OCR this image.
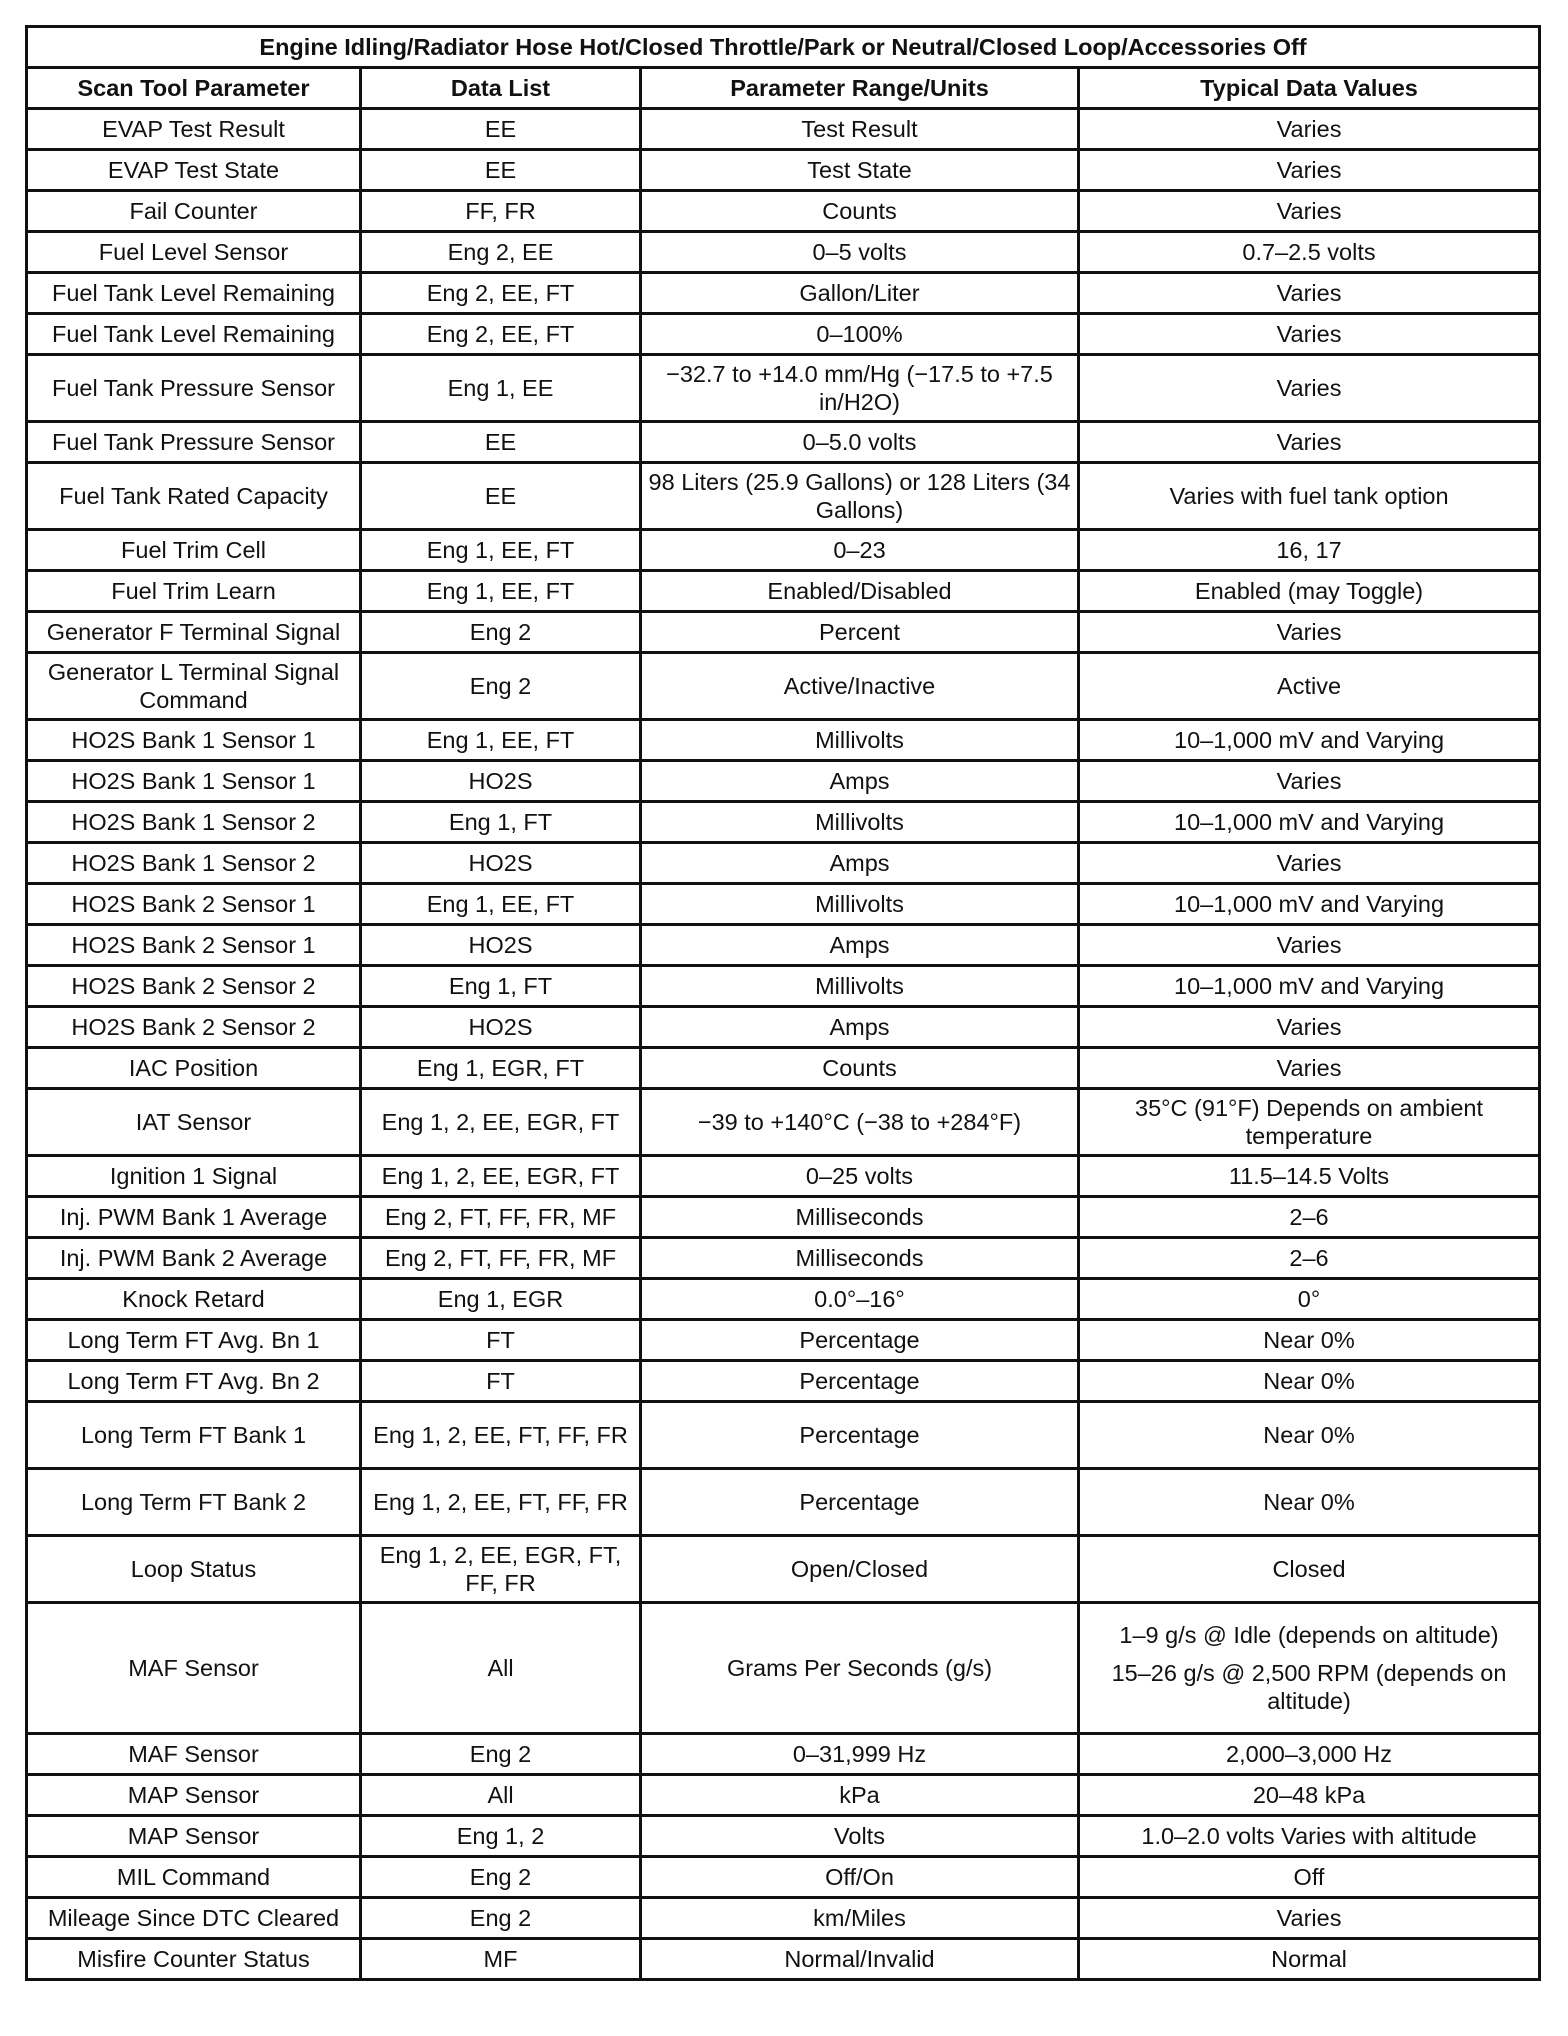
Engine Idling/Radiator Hose Hot/Closed Throttle/Park or Neutral/Closed Loop/Accessories Off			
Scan Tool Parameter	Data List	Parameter Range/Units	Typical Data Values
EVAP Test Result	EE	Test Result	Varies
EVAP Test State	EE	Test State	Varies
Fail Counter	FF, FR	Counts	Varies
Fuel Level Sensor	Eng 2, EE	0–5 volts	0.7–2.5 volts
Fuel Tank Level Remaining	Eng 2, EE, FT	Gallon/Liter	Varies
Fuel Tank Level Remaining	Eng 2, EE, FT	0–100%	Varies
Fuel Tank Pressure Sensor	Eng 1, EE	−32.7 to +14.0 mm/Hg (−17.5 to +7.5 in/H2O)	Varies
Fuel Tank Pressure Sensor	EE	0–5.0 volts	Varies
Fuel Tank Rated Capacity	EE	98 Liters (25.9 Gallons) or 128 Liters (34 Gallons)	Varies with fuel tank option
Fuel Trim Cell	Eng 1, EE, FT	0–23	16, 17
Fuel Trim Learn	Eng 1, EE, FT	Enabled/Disabled	Enabled (may Toggle)
Generator F Terminal Signal	Eng 2	Percent	Varies
Generator L Terminal Signal Command	Eng 2	Active/Inactive	Active
HO2S Bank 1 Sensor 1	Eng 1, EE, FT	Millivolts	10–1,000 mV and Varying
HO2S Bank 1 Sensor 1	HO2S	Amps	Varies
HO2S Bank 1 Sensor 2	Eng 1, FT	Millivolts	10–1,000 mV and Varying
HO2S Bank 1 Sensor 2	HO2S	Amps	Varies
HO2S Bank 2 Sensor 1	Eng 1, EE, FT	Millivolts	10–1,000 mV and Varying
HO2S Bank 2 Sensor 1	HO2S	Amps	Varies
HO2S Bank 2 Sensor 2	Eng 1, FT	Millivolts	10–1,000 mV and Varying
HO2S Bank 2 Sensor 2	HO2S	Amps	Varies
IAC Position	Eng 1, EGR, FT	Counts	Varies
IAT Sensor	Eng 1, 2, EE, EGR, FT	−39 to +140°C (−38 to +284°F)	35°C (91°F) Depends on ambient temperature
Ignition 1 Signal	Eng 1, 2, EE, EGR, FT	0–25 volts	11.5–14.5 Volts
Inj. PWM Bank 1 Average	Eng 2, FT, FF, FR, MF	Milliseconds	2–6
Inj. PWM Bank 2 Average	Eng 2, FT, FF, FR, MF	Milliseconds	2–6
Knock Retard	Eng 1, EGR	0.0°–16°	0°
Long Term FT Avg. Bn 1	FT	Percentage	Near 0%
Long Term FT Avg. Bn 2	FT	Percentage	Near 0%
Long Term FT Bank 1	Eng 1, 2, EE, FT, FF, FR	Percentage	Near 0%
Long Term FT Bank 2	Eng 1, 2, EE, FT, FF, FR	Percentage	Near 0%
Loop Status	Eng 1, 2, EE, EGR, FT, FF, FR	Open/Closed	Closed
MAF Sensor	All	Grams Per Seconds (g/s)	1–9 g/s @ Idle (depends on altitude)
15–26 g/s @ 2,500 RPM (depends on altitude)

MAF Sensor	Eng 2	0–31,999 Hz	2,000–3,000 Hz
MAP Sensor	All	kPa	20–48 kPa
MAP Sensor	Eng 1, 2	Volts	1.0–2.0 volts Varies with altitude
MIL Command	Eng 2	Off/On	Off
Mileage Since DTC Cleared	Eng 2	km/Miles	Varies
Misfire Counter Status	MF	Normal/Invalid	Normal
